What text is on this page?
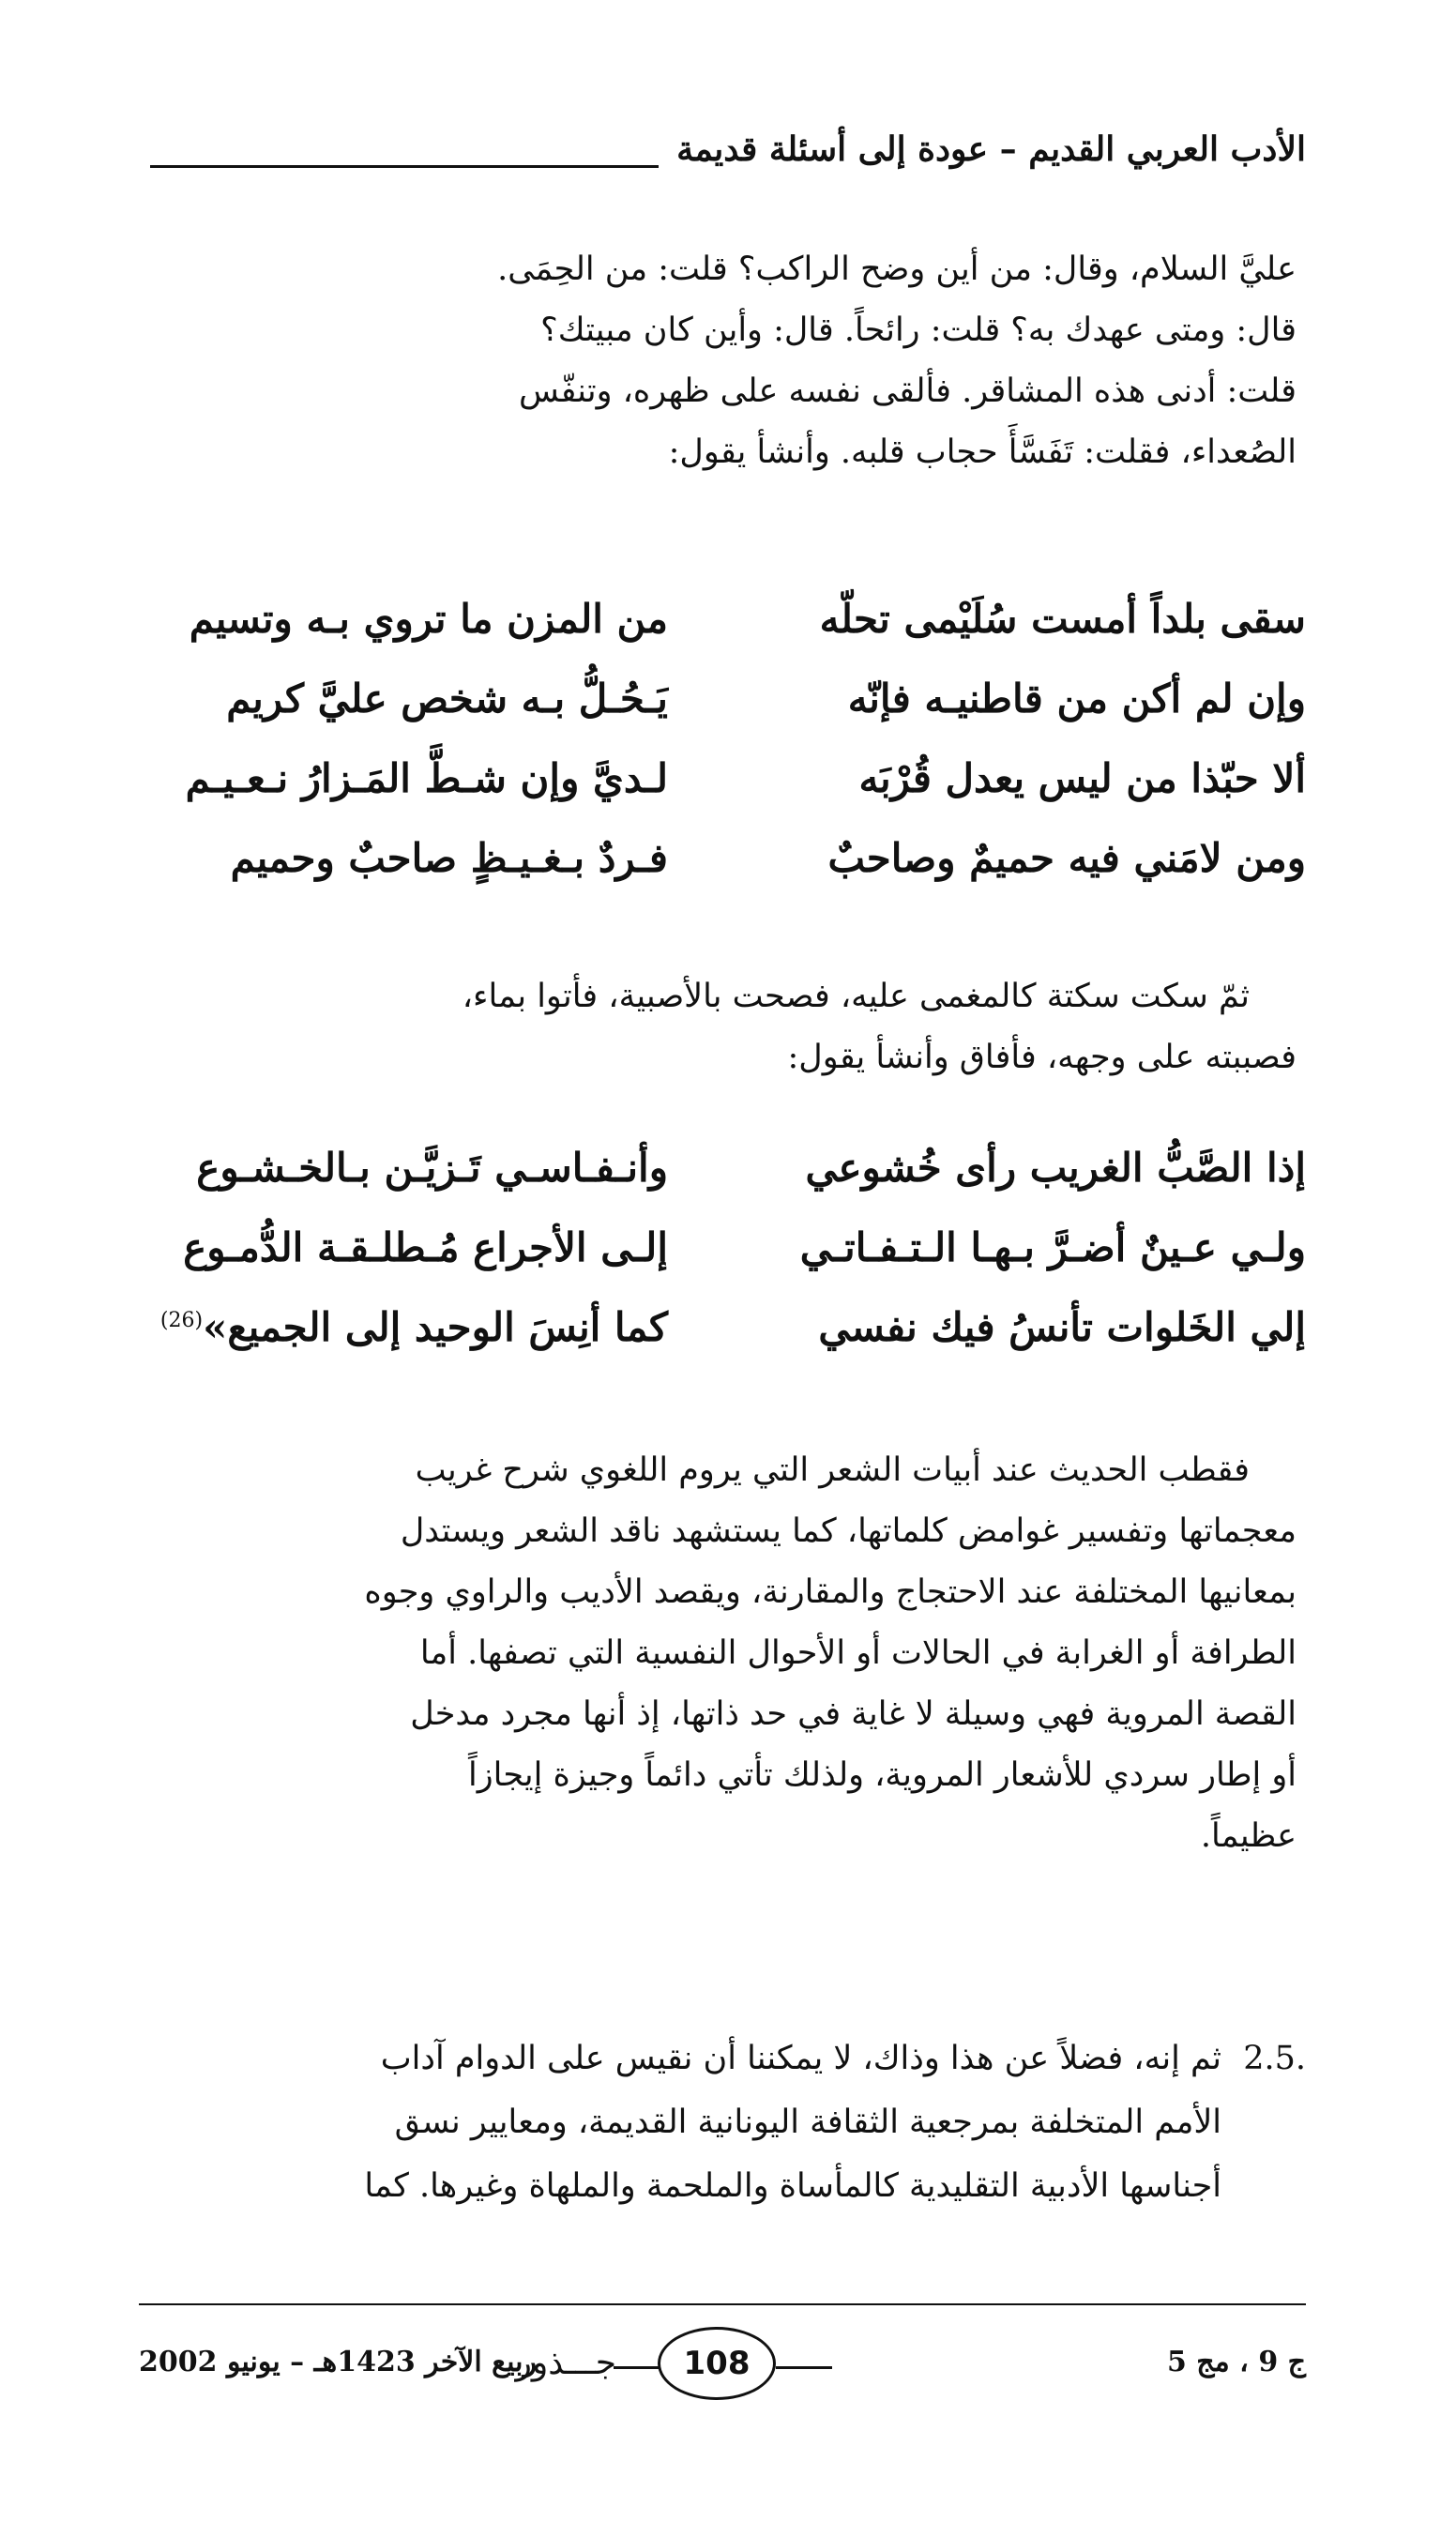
الأدب العربي القديم – عودة إلى أسئلة قديمة

عليَّ السلام، وقال: من أين وضح الراكب؟ قلت: من الحِمَى.

قال: ومتى عهدك به؟ قلت: رائحاً. قال: وأين كان مبيتك؟

قلت: أدنى هذه المشاقر. فألقى نفسه على ظهره، وتنفّس

الصُعداء، فقلت: تَفَسَّأَ حجاب قلبه. وأنشأ يقول:

سقى بلداً أمست سُلَيْمى تحلّه
من المزن ما تروي بـه وتسيم
وإن لم أكن من قاطنيـه فإنّه
يَـحُـلُّ بـه شخص عليَّ كريم
ألا حبّذا من ليس يعدل قُرْبَه
لـديَّ وإن شـطَّ المَـزارُ نـعـيـم
ومن لامَني فيه حميمٌ وصاحبٌ
فـردٌ بـغـيـظٍ صاحبٌ وحميم

ثمّ سكت سكتة كالمغمى عليه، فصحت بالأصبية، فأتوا بماء،

فصببته على وجهه، فأفاق وأنشأ يقول:

إذا الصَّبُّ الغريب رأى خُشوعي
وأنـفـاسـي تَـزيَّـن بـالخـشـوع
ولـي عـينٌ أضـرَّ بـهـا الـتـفـاتـي
إلـى الأجراع مُـطلـقـة الدُّمـوع
إلي الخَلوات تأنسُ فيك نفسي
كما أنِسَ الوحيد إلى الجميع»$^{(26)}$

فقطب الحديث عند أبيات الشعر التي يروم اللغوي شرح غريب

معجماتها وتفسير غوامض كلماتها، كما يستشهد ناقد الشعر ويستدل

بمعانيها المختلفة عند الاحتجاج والمقارنة، ويقصد الأديب والراوي وجوه

الطرافة أو الغرابة في الحالات أو الأحوال النفسية التي تصفها. أما

القصة المروية فهي وسيلة لا غاية في حد ذاتها، إذ أنها مجرد مدخل

أو إطار سردي للأشعار المروية، ولذلك تأتي دائماً وجيزة إيجازاً

عظيماً.

2.5.
ثم إنه، فضلاً عن هذا وذاك، لا يمكننا أن نقيس على الدوام آداب
الأمم المتخلفة بمرجعية الثقافة اليونانية القديمة، ومعايير نسق
أجناسها الأدبية التقليدية كالمأساة والملحمة والملهاة وغيرها. كما
ج 9 ، مج 5
108
جـــذور
ربيع الآخر 1423هـ – يونيو 2002
